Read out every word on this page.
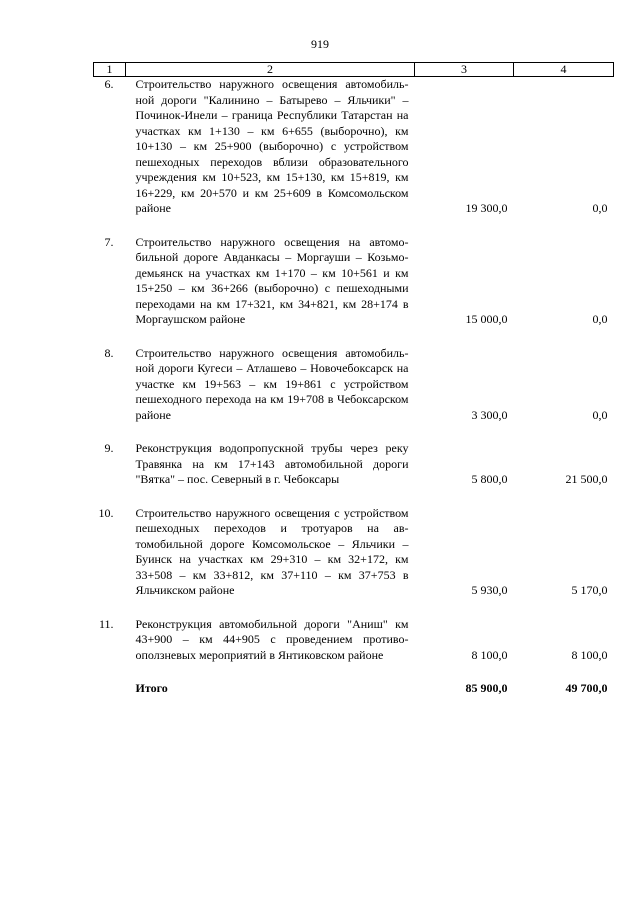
919
1	2	3	4
6.	Строительство наружного освещения автомобильной дороги "Калинино – Батырево – Яльчики" – Починок-Инели – граница Республики Татарстан на участках км 1+130 – км 6+655 (выборочно), км 10+130 – км 25+900 (выборочно) с устройством пешеходных переходов вблизи образовательного учреждения км 10+523, км 15+130, км 15+819, км 16+229, км 20+570 и км 25+609 в Комсомольском районе	19 300,0	0,0

7.	Строительство наружного освещения на автомобильной дороге Авданкасы – Моргауши – Козьмодемьянск на участках км 1+170 – км 10+561 и км 15+250 – км 36+266 (выборочно) с пешеходными переходами на км 17+321, км 34+821, км 28+174 в Моргаушском районе	15 000,0	0,0

8.	Строительство наружного освещения автомобильной дороги Кугеси – Атлашево – Новочебоксарск на участке км 19+563 – км 19+861 с устройством пешеходного перехода на км 19+708 в Чебоксарском районе	3 300,0	0,0

9.	Реконструкция водопропускной трубы через реку Травянка на км 17+143 автомобильной дороги "Вятка" – пос. Северный в г. Чебоксары	5 800,0	21 500,0

10.	Строительство наружного освещения с устройством пешеходных переходов и тротуаров на автомобильной дороге Комсомольское – Яльчики – Буинск на участках км 29+310 – км 32+172, км 33+508 – км 33+812, км 37+110 – км 37+753 в Яльчикском районе	5 930,0	5 170,0

11.	Реконструкция автомобильной дороги "Аниш" км 43+900 – км 44+905 с проведением противооползневых мероприятий в Янтиковском районе	8 100,0	8 100,0

	Итого	85 900,0	49 700,0
